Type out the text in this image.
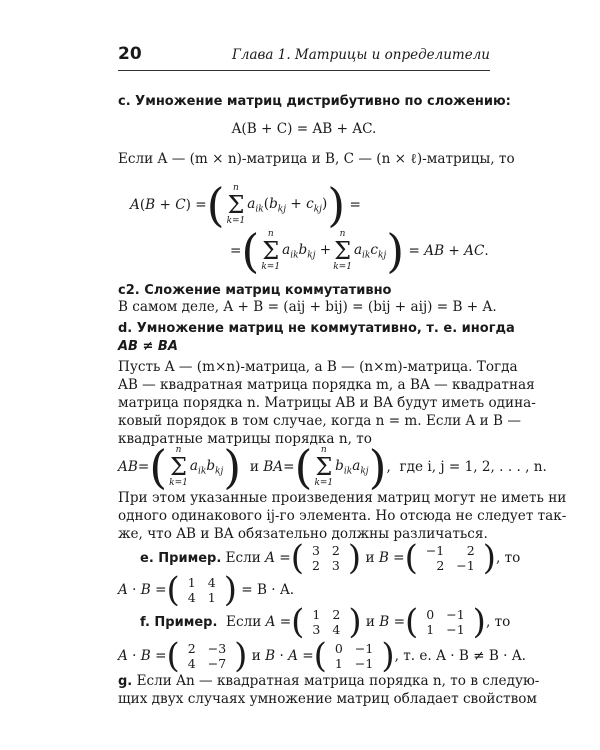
20	Глава 1. Матрицы и определители
c. Умножение матриц дистрибутивно по сложению:
A(B + C) = AB + AC.
Если A — (m × n)-матрица и B, C — (n × ℓ)-матрицы, то
A(B + C) = ( n
Σ
k=1
$a_{ik}(b_{kj} + c_{kj})$ ) =
= ( n
Σ
k=1
$a_{ik}b_{kj}$ +
n
Σ
k=1
$a_{ik}c_{kj}$ ) = AB + AC.
c2. Сложение матриц коммутативно
В самом деле, A + B = (aij + bij) = (bij + aij) = B + A.
d. Умножение матриц не коммутативно, т. е. иногда
AB ≠ BA
Пусть A — (m×n)-матрица, а B — (n×m)-матрица. Тогда
AB — квадратная матрица порядка m, а BA — квадратная
матрица порядка n. Матрицы AB и BA будут иметь одина-
ковый порядок в том случае, когда n = m. Если A и B —
квадратные матрицы порядка n, то
AB= ( n
Σ
k=1
$a_{ik}b_{kj}$ ) и BA= ( n
Σ
k=1
$b_{ik}a_{kj}$ ) , где i, j = 1, 2, . . . , n.
При этом указанные произведения матриц могут не иметь ни
одного одинакового ij-го элемента. Но отсюда не следует так-
же, что AB и BA обязательно должны различаться.
e. Пример.
Если A = ( 3	2
2	3 ) и B = ( −1	2
2	−1 ) , то
A · B = ( 1	4
4	1 )
= B · A.
f. Пример.
Если A = ( 1	2
3	4 ) и B = ( 0	−1
1	−1 ) , то
A · B = ( 2	−3
4	−7 ) и B · A = ( 0	−1
1	−1 ) , т. е. A · B ≠ B · A.
g. Если An — квадратная матрица порядка n, то в следую-
щих двух случаях умножение матриц обладает свойством
